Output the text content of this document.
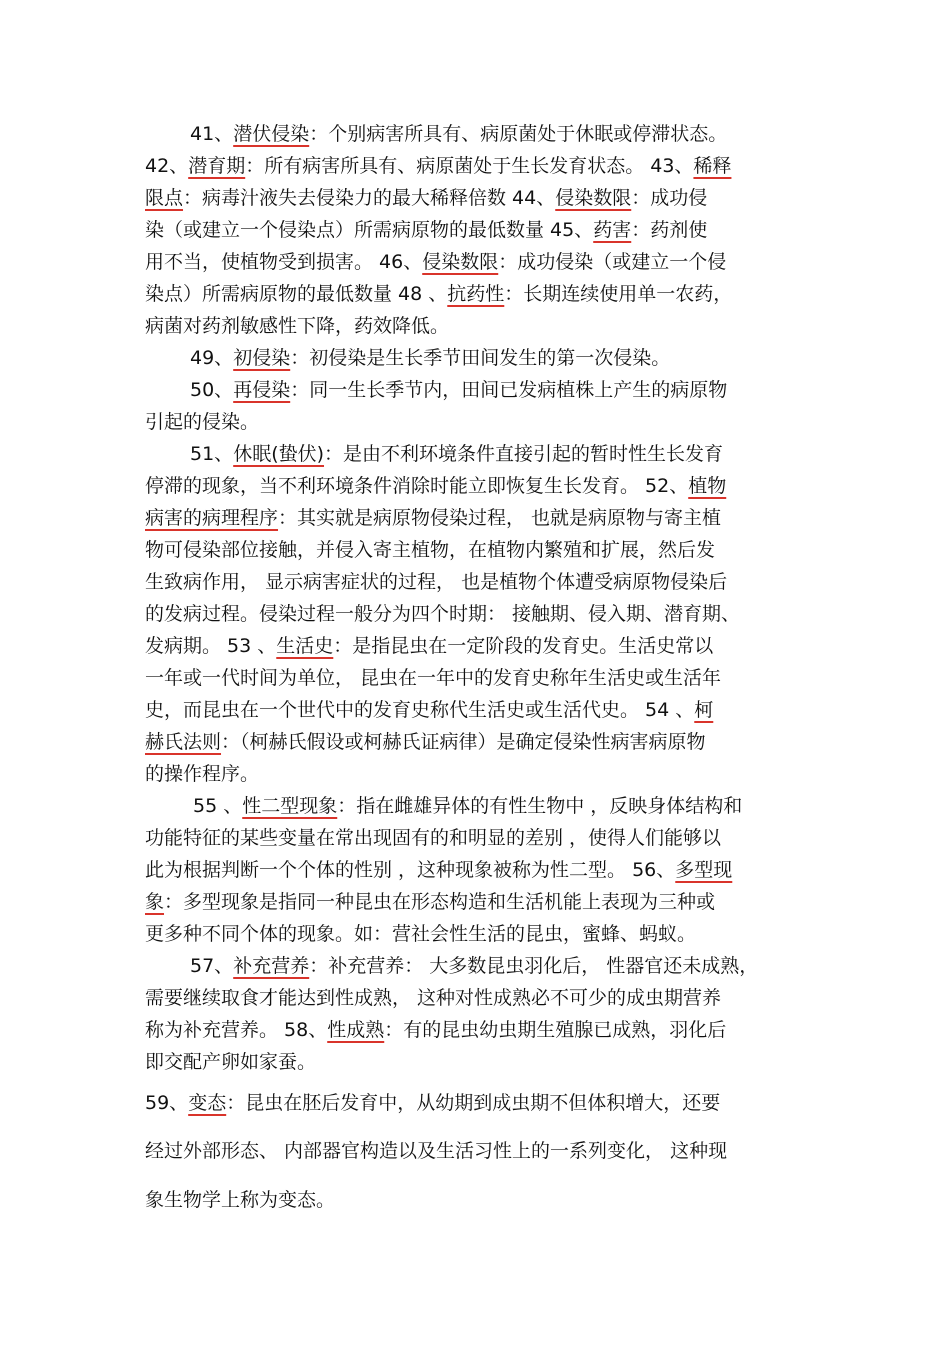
41、潜伏侵染：个别病害所具有、病原菌处于休眠或停滞状态。
42、潜育期：所有病害所具有、病原菌处于生长发育状态。 43、稀释
限点：病毒汁液失去侵染力的最大稀释倍数 44、侵染数限：成功侵
染（或建立一个侵染点）所需病原物的最低数量 45、药害：药剂使
用不当，使植物受到损害。 46、侵染数限：成功侵染（或建立一个侵
染点）所需病原物的最低数量 48 、抗药性：长期连续使用单一农药，
病菌对药剂敏感性下降，药效降低。
49、初侵染：初侵染是生长季节田间发生的第一次侵染。
50、再侵染：同一生长季节内，田间已发病植株上产生的病原物
引起的侵染。
51、休眠(蛰伏)：是由不利环境条件直接引起的暂时性生长发育
停滞的现象，当不利环境条件消除时能立即恢复生长发育。 52、植物
病害的病理程序：其实就是病原物侵染过程， 也就是病原物与寄主植
物可侵染部位接触，并侵入寄主植物，在植物内繁殖和扩展，然后发
生致病作用， 显示病害症状的过程， 也是植物个体遭受病原物侵染后
的发病过程。侵染过程一般分为四个时期： 接触期、侵入期、潜育期、
发病期。 53 、生活史：是指昆虫在一定阶段的发育史。生活史常以
一年或一代时间为单位， 昆虫在一年中的发育史称年生活史或生活年
史，而昆虫在一个世代中的发育史称代生活史或生活代史。 54 、柯
赫氏法则：（柯赫氏假设或柯赫氏证病律）是确定侵染性病害病原物
的操作程序。
55 、性二型现象：指在雌雄异体的有性生物中 ，反映身体结构和
功能特征的某些变量在常出现固有的和明显的差别 ，使得人们能够以
此为根据判断一个个体的性别 ，这种现象被称为性二型。 56、多型现
象：多型现象是指同一种昆虫在形态构造和生活机能上表现为三种或
更多种不同个体的现象。如：营社会性生活的昆虫，蜜蜂、蚂蚁。
57、补充营养：补充营养： 大多数昆虫羽化后， 性器官还未成熟，
需要继续取食才能达到性成熟， 这种对性成熟必不可少的成虫期营养
称为补充营养。 58、性成熟：有的昆虫幼虫期生殖腺已成熟，羽化后
即交配产卵如家蚕。
59、变态：昆虫在胚后发育中，从幼期到成虫期不但体积增大，还要
经过外部形态、 内部器官构造以及生活习性上的一系列变化， 这种现
象生物学上称为变态。
